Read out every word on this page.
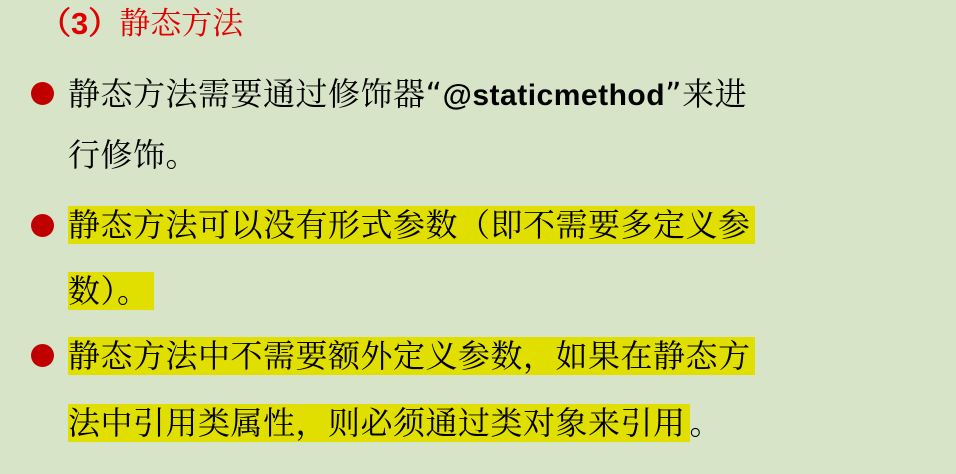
（3）静态方法
静态方法需要通过修饰器“@staticmethod”来进
行修饰。
静态方法可以没有形式参数（即不需要多定义参
数）。
静态方法中不需要额外定义参数，如果在静态方
法中引用类属性，则必须通过类对象来引用 。
